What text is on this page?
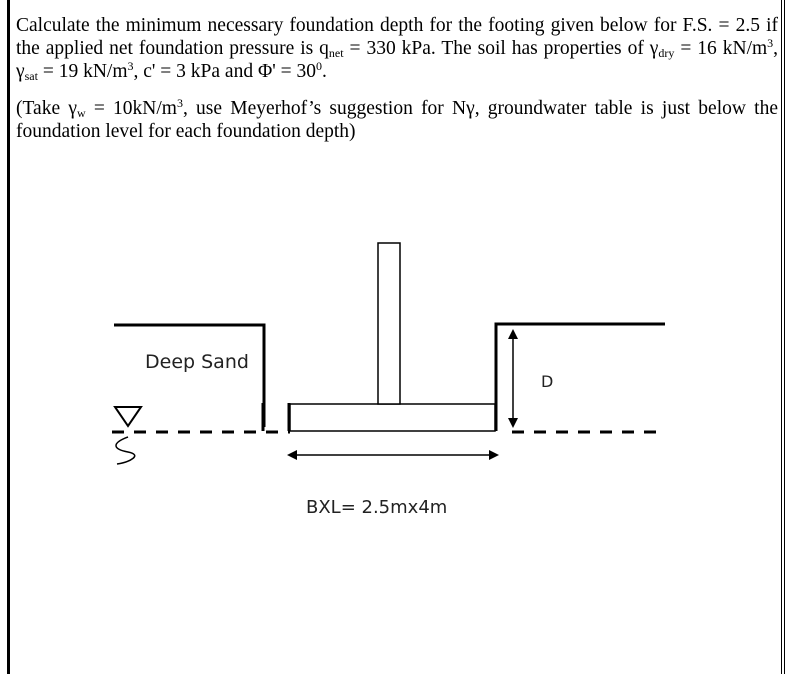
Calculate the minimum necessary foundation depth for the footing given below for F.S. = 2.5 if the applied net foundation pressure is $q_{net} = 330$ kPa. The soil has properties of $\gamma_{dry} = 16$ $kN/m^3$, $\gamma_{sat} = 19$ $kN/m^3$, c' = 3 kPa and $\Phi' = 30^0$.
(Take $\gamma_w = 10kN/m^3$, use Meyerhof’s suggestion for Nγ, groundwater table is just below the foundation level for each foundation depth)
Deep Sand
D
BXL= 2.5mx4m
